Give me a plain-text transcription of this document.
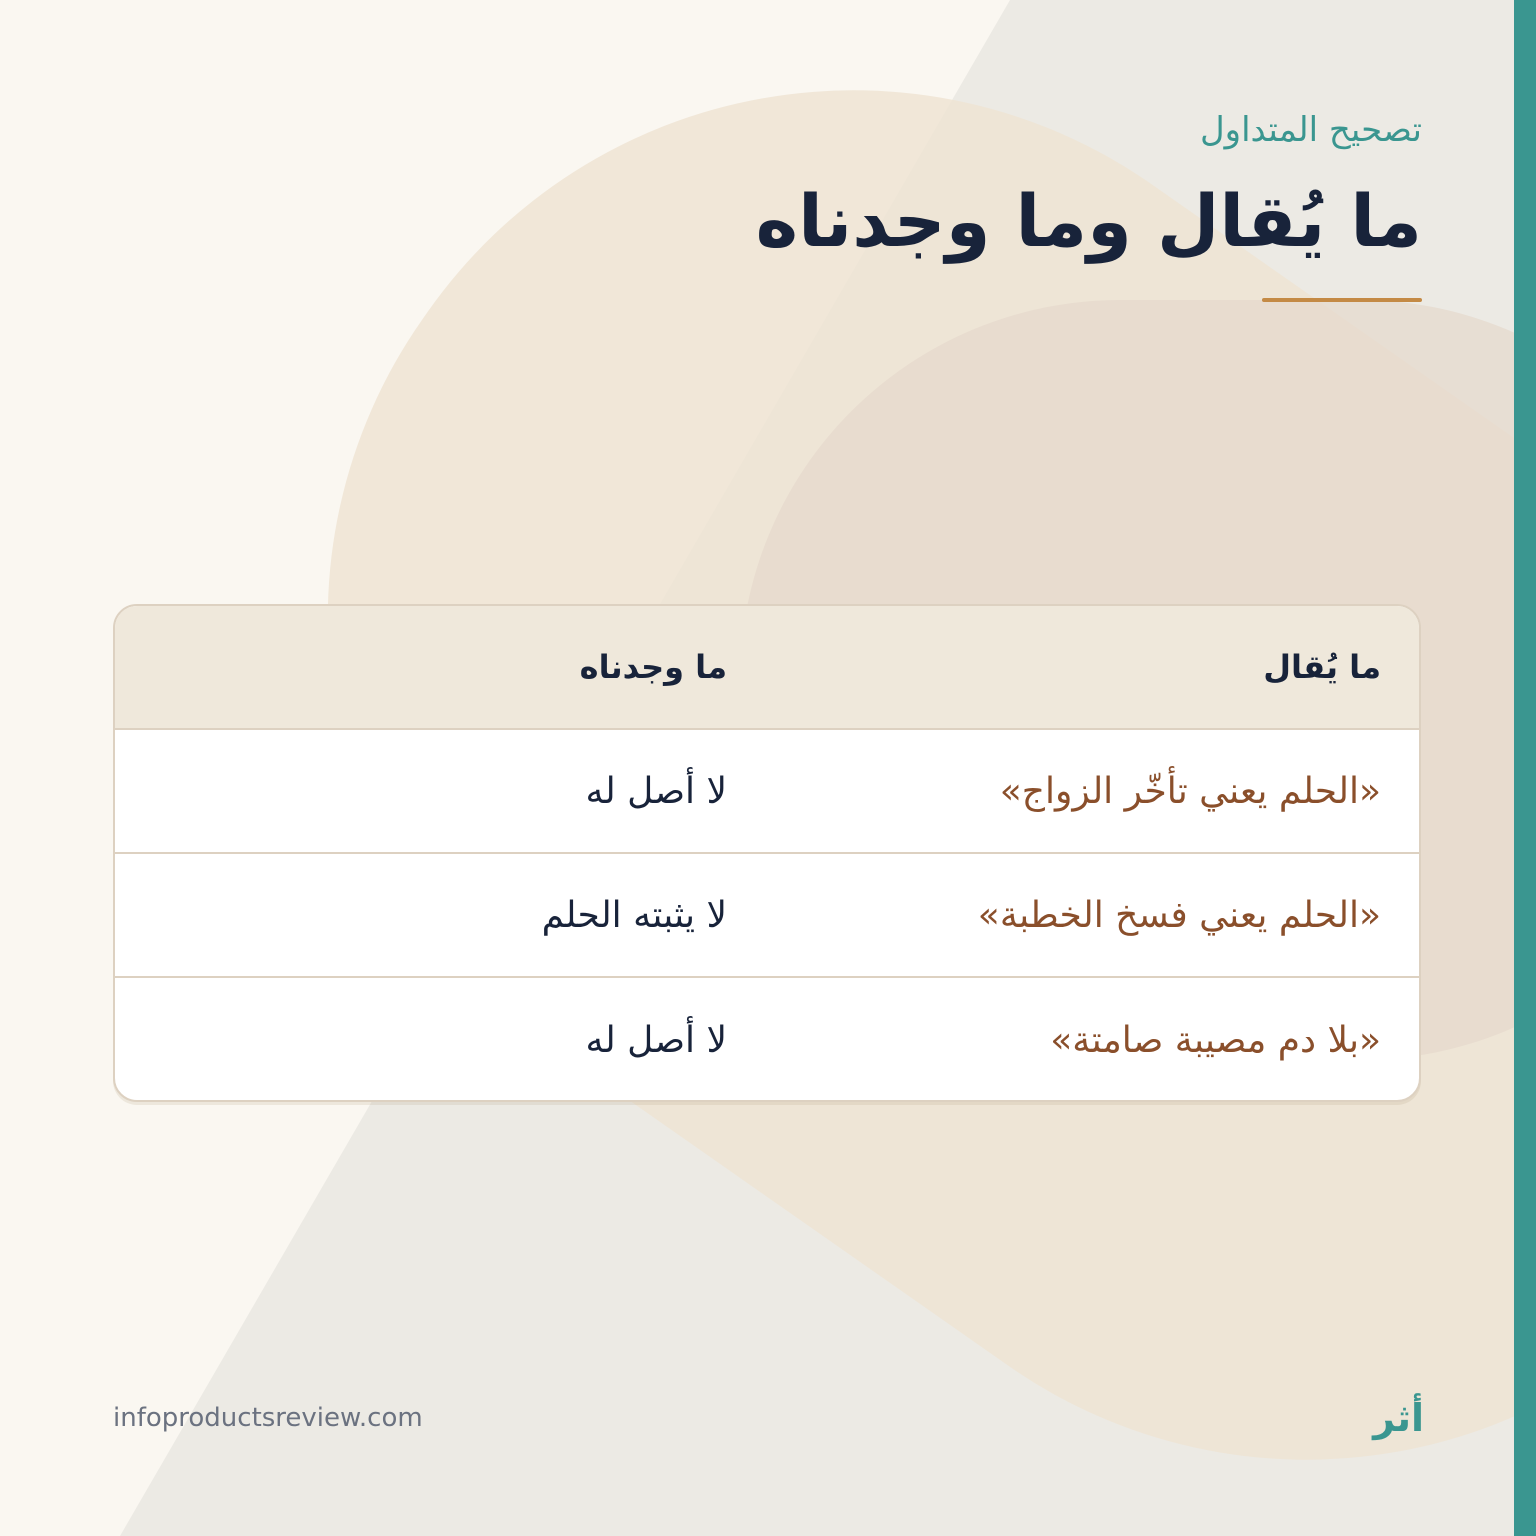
تصحيح المتداول

ما يُقال وما وجدناه
ما يُقال
ما وجدناه
«الحلم يعني تأخّر الزواج»
لا أصل له
«الحلم يعني فسخ الخطبة»
لا يثبته الحلم
«بلا دم مصيبة صامتة»
لا أصل له
infoproductsreview.com	أثر
